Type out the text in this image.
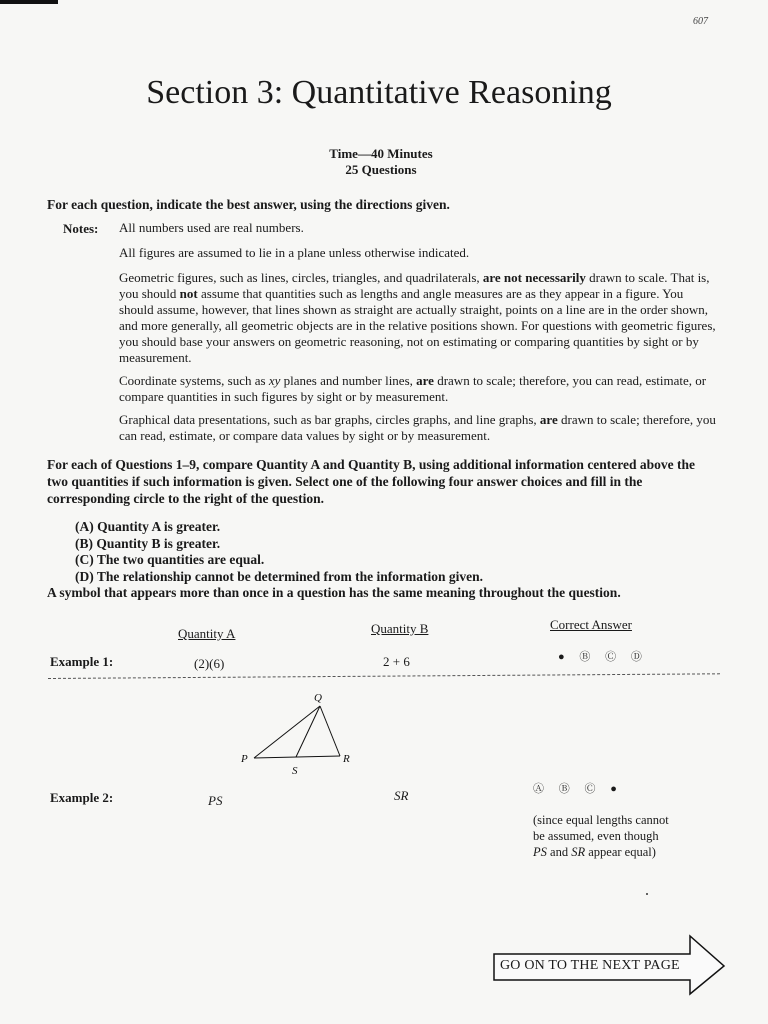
607
Section 3: Quantitative Reasoning
Time—40 Minutes
25 Questions
For each question, indicate the best answer, using the directions given.
Notes: All numbers used are real numbers.

All figures are assumed to lie in a plane unless otherwise indicated.

Geometric figures, such as lines, circles, triangles, and quadrilaterals, are not necessarily drawn to scale. That is, you should not assume that quantities such as lengths and angle measures are as they appear in a figure. You should assume, however, that lines shown as straight are actually straight, points on a line are in the order shown, and more generally, all geometric objects are in the relative positions shown. For questions with geometric figures, you should base your answers on geometric reasoning, not on estimating or comparing quantities by sight or by measurement.

Coordinate systems, such as xy planes and number lines, are drawn to scale; therefore, you can read, estimate, or compare quantities in such figures by sight or by measurement.

Graphical data presentations, such as bar graphs, circles graphs, and line graphs, are drawn to scale; therefore, you can read, estimate, or compare data values by sight or by measurement.

For each of Questions 1–9, compare Quantity A and Quantity B, using additional information centered above the two quantities if such information is given. Select one of the following four answer choices and fill in the corresponding circle to the right of the question.
(A) Quantity A is greater.
(B) Quantity B is greater.
(C) The two quantities are equal.
(D) The relationship cannot be determined from the information given.
A symbol that appears more than once in a question has the same meaning throughout the question.
Quantity A	Quantity B	Correct Answer
Example 1:	(2)(6)	2 + 6	● Ⓑ Ⓒ Ⓓ
Q
P	R
S
Example 2:	PS	SR	Ⓐ Ⓑ Ⓒ ●
(since equal lengths cannot
be assumed, even though
PS and SR appear equal)
GO ON TO THE NEXT PAGE
